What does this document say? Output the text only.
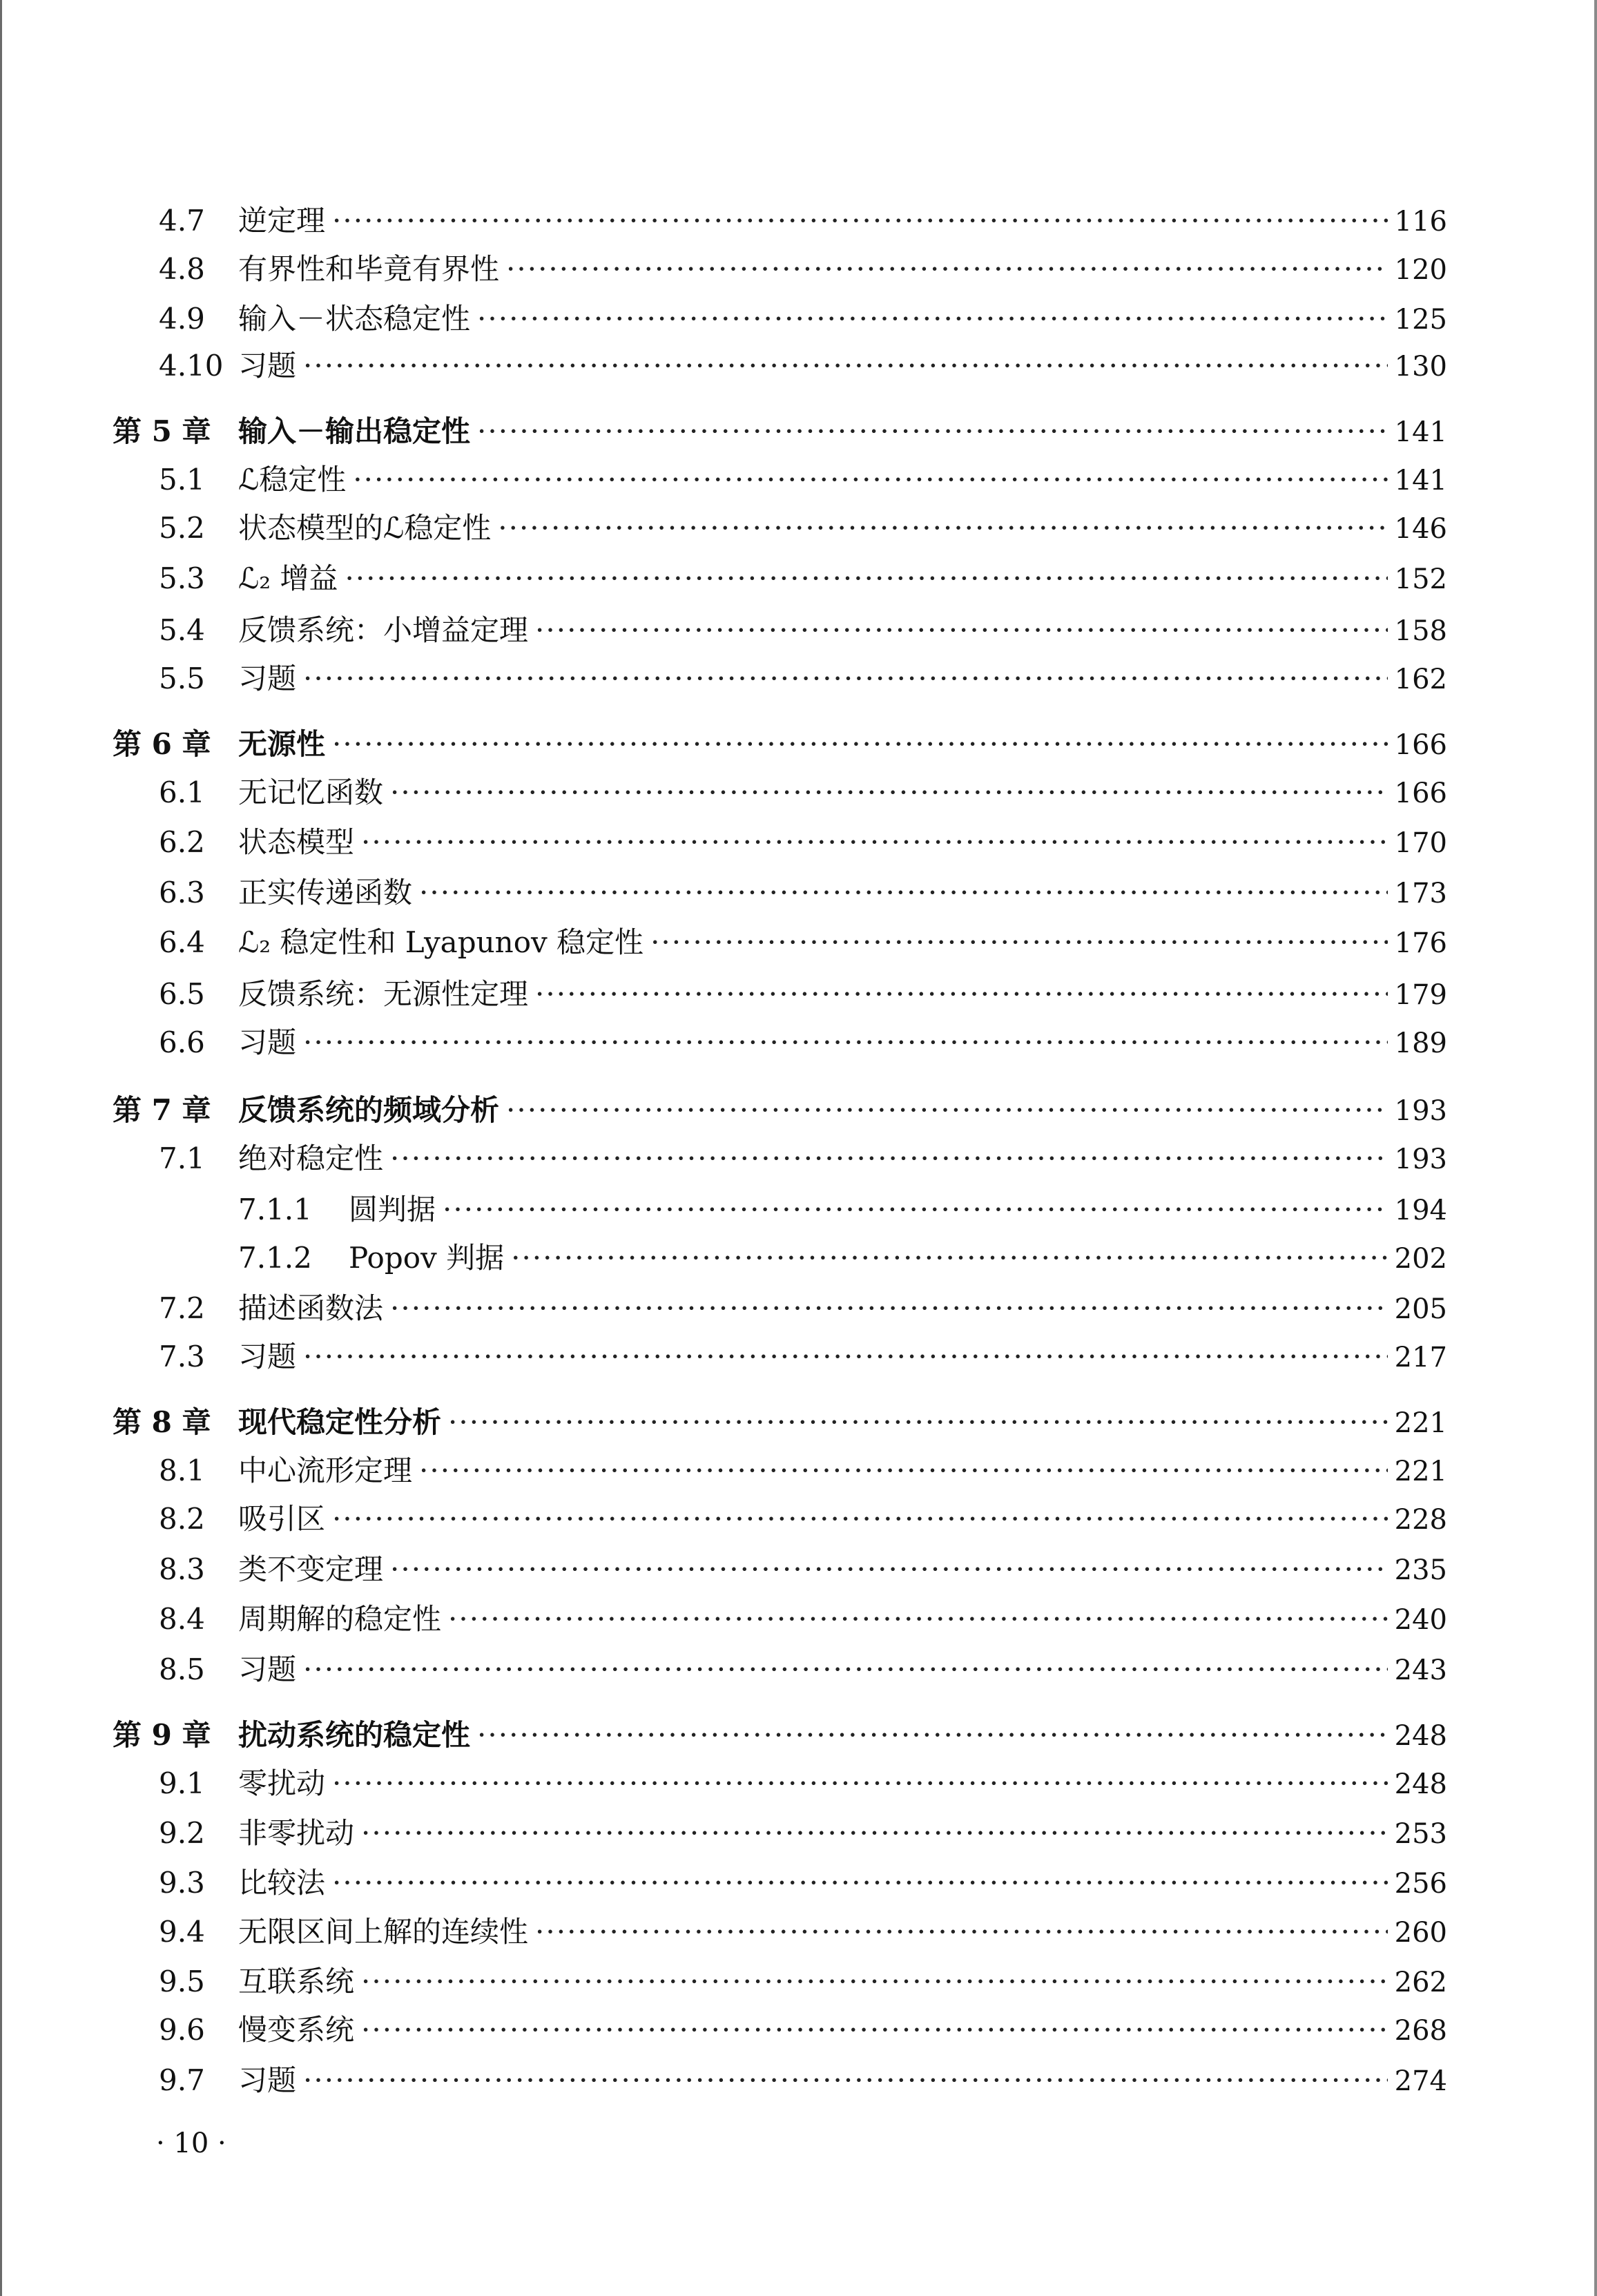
4.7	逆定理 ·····	116
4.8	有界性和毕竟有界性 ·····	120
4.9	输入－状态稳定性 ·····	125
4.10 习题 ·····	130
第 5 章 输入－输出稳定性 ·····	141
5.1	ℒ稳定性 ·····	141
5.2	状态模型的ℒ稳定性 ·····	146
5.3	ℒ₂ 增益 ·····	152
5.4	反馈系统：小增益定理 ·····	158
5.5	习题 ·····	162
第 6 章 无源性 ·····	166
6.1	无记忆函数 ·····	166
6.2	状态模型 ·····	170
6.3	正实传递函数 ·····	173
6.4	ℒ₂ 稳定性和 Lyapunov 稳定性 ·····	176
6.5	反馈系统：无源性定理 ·····	179
6.6	习题 ·····	189
第 7 章 反馈系统的频域分析 ·····	193
7.1	绝对稳定性 ·····	193
7.1.1	圆判据 ·····	194
7.1.2	Popov 判据 ·····	202
7.2	描述函数法 ·····	205
7.3	习题 ·····	217
第 8 章 现代稳定性分析 ·····	221
8.1	中心流形定理 ·····	221
8.2	吸引区 ·····	228
8.3	类不变定理 ·····	235
8.4	周期解的稳定性 ·····	240
8.5	习题 ·····	243
第 9 章 扰动系统的稳定性 ·····	248
9.1	零扰动 ·····	248
9.2	非零扰动 ·····	253
9.3	比较法 ·····	256
9.4	无限区间上解的连续性 ·····	260
9.5	互联系统 ·····	262
9.6	慢变系统 ·····	268
9.7	习题 ·····	274
· 10 ·
